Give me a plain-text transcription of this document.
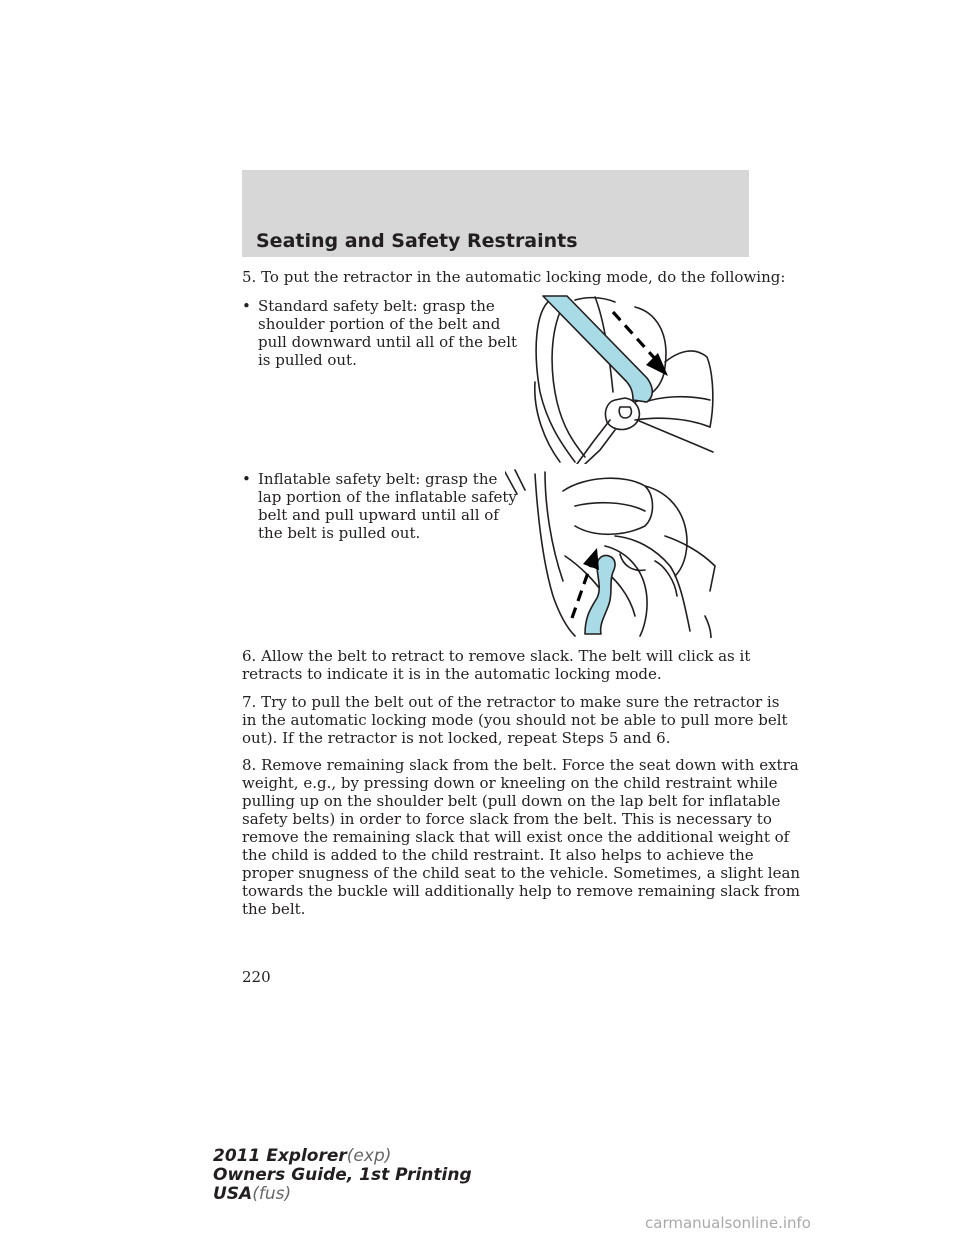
Seating and Safety Restraints
5. To put the retractor in the automatic locking mode, do the following:
• Standard safety belt: grasp the
shoulder portion of the belt and
pull downward until all of the belt
is pulled out.
• Inflatable safety belt: grasp the
lap portion of the inflatable safety
belt and pull upward until all of
the belt is pulled out.
6. Allow the belt to retract to remove slack. The belt will click as it
retracts to indicate it is in the automatic locking mode.
7. Try to pull the belt out of the retractor to make sure the retractor is
in the automatic locking mode (you should not be able to pull more belt
out). If the retractor is not locked, repeat Steps 5 and 6.
8. Remove remaining slack from the belt. Force the seat down with extra
weight, e.g., by pressing down or kneeling on the child restraint while
pulling up on the shoulder belt (pull down on the lap belt for inflatable
safety belts) in order to force slack from the belt. This is necessary to
remove the remaining slack that will exist once the additional weight of
the child is added to the child restraint. It also helps to achieve the
proper snugness of the child seat to the vehicle. Sometimes, a slight lean
towards the buckle will additionally help to remove remaining slack from
the belt.
220
2011 Explorer(exp)
Owners Guide, 1st Printing
USA(fus)
carmanualsonline.info
